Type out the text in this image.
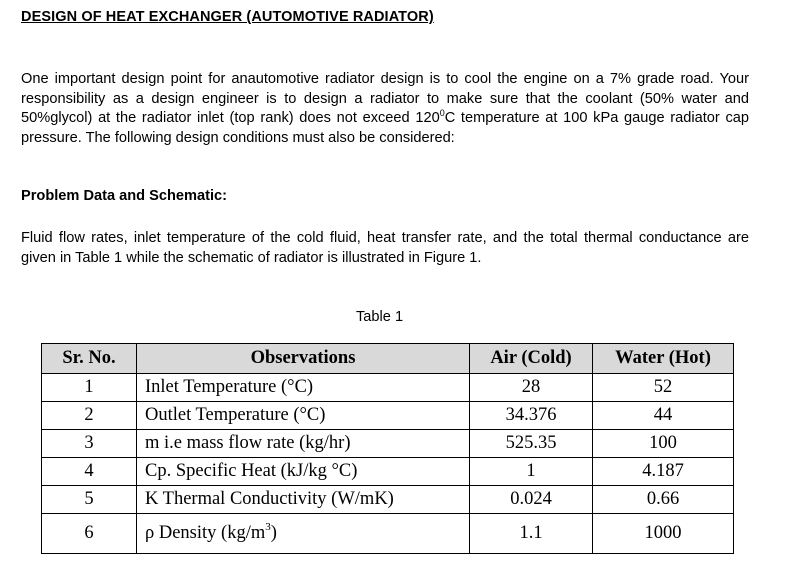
DESIGN OF HEAT EXCHANGER (AUTOMOTIVE RADIATOR)
One important design point for anautomotive radiator design is to cool the engine on a 7% grade road. Your responsibility as a design engineer is to design a radiator to make sure that the coolant (50% water and 50%glycol) at the radiator inlet (top rank) does not exceed $120^0C$ temperature at 100 kPa gauge radiator cap pressure. The following design conditions must also be considered:
Problem Data and Schematic:
Fluid flow rates, inlet temperature of the cold fluid, heat transfer rate, and the total thermal conductance are given in Table 1 while the schematic of radiator is illustrated in Figure 1.
Table 1
Sr. No.	Observations	Air (Cold)	Water (Hot)
1	Inlet Temperature (°C)	28	52
2	Outlet Temperature (°C)	34.376	44
3	m i.e mass flow rate (kg/hr)	525.35	100
4	Cp. Specific Heat (kJ/kg °C)	1	4.187
5	K Thermal Conductivity (W/mK)	0.024	0.66
6	ρ Density $(kg/m^3)$	1.1	1000
